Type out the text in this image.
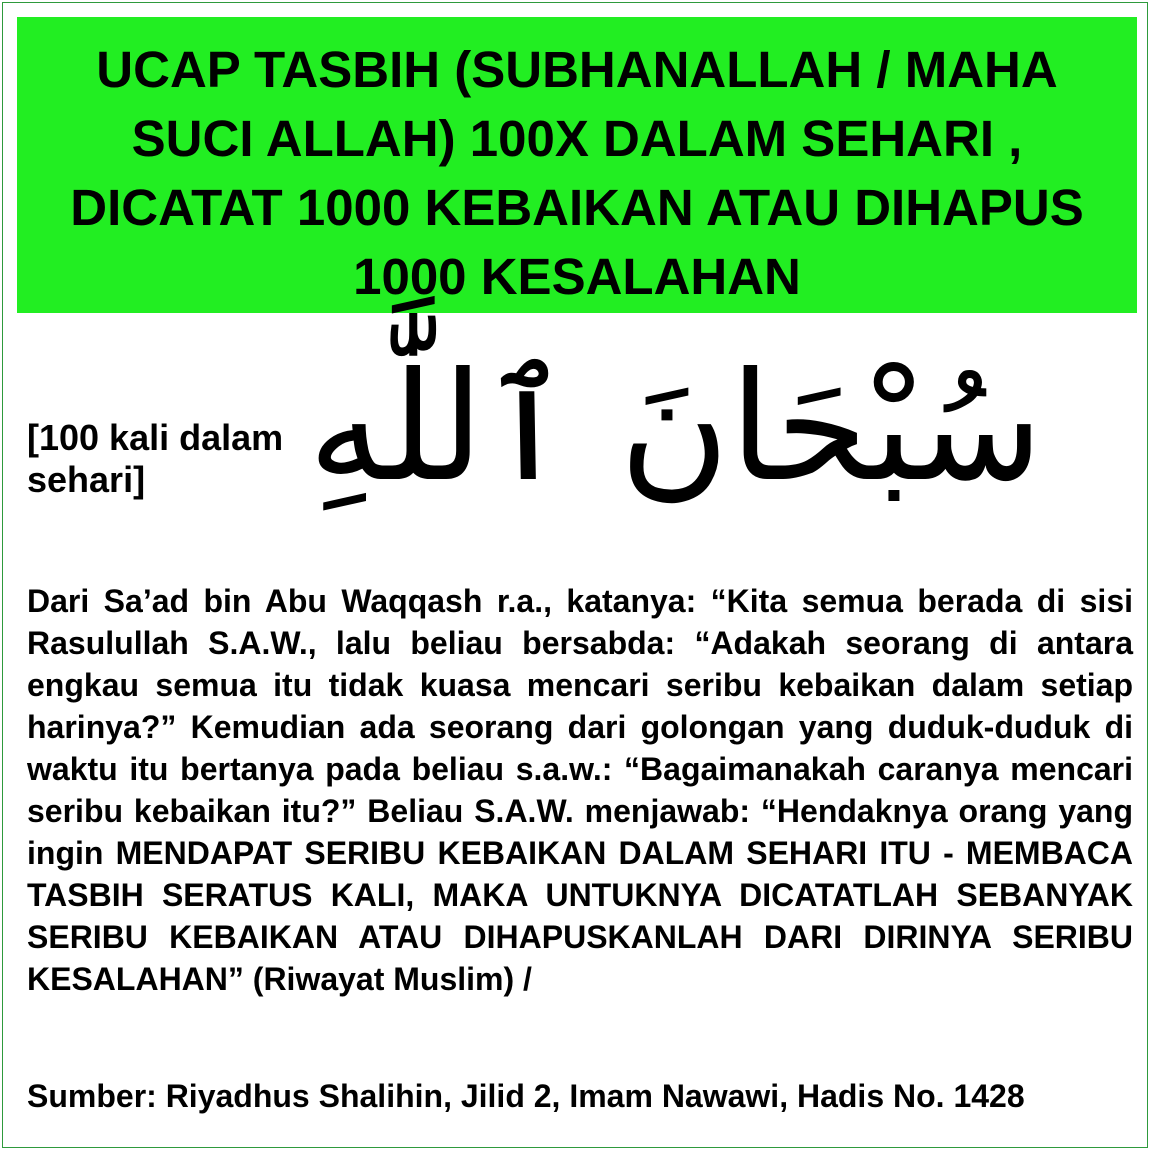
UCAP TASBIH (SUBHANALLAH / MAHA SUCI ALLAH) 100X DALAM SEHARI , DICATAT 1000 KEBAIKAN ATAU DIHAPUS 1000 KESALAHAN
[100 kali dalam sehari]	سُبْحَانَ ٱللَّٰهِ

Dari Sa’ad bin Abu Waqqash r.a., katanya: “Kita semua berada di sisi Rasulullah S.A.W., lalu beliau bersabda: “Adakah seorang di antara engkau semua itu tidak kuasa mencari seribu kebaikan dalam setiap harinya?” Kemudian ada seorang dari golongan yang duduk-duduk di waktu itu bertanya pada beliau s.a.w.: “Bagaimanakah caranya mencari seribu kebaikan itu?” Beliau S.A.W. menjawab: “Hendaknya orang yang ingin MENDAPAT SERIBU KEBAIKAN DALAM SEHARI ITU - MEMBACA TASBIH SERATUS KALI, MAKA UNTUKNYA DICATATLAH SEBANYAK SERIBU KEBAIKAN ATAU DIHAPUSKANLAH DARI DIRINYA SERIBU KESALAHAN” (Riwayat Muslim) /

Sumber: Riyadhus Shalihin, Jilid 2, Imam Nawawi, Hadis No. 1428
